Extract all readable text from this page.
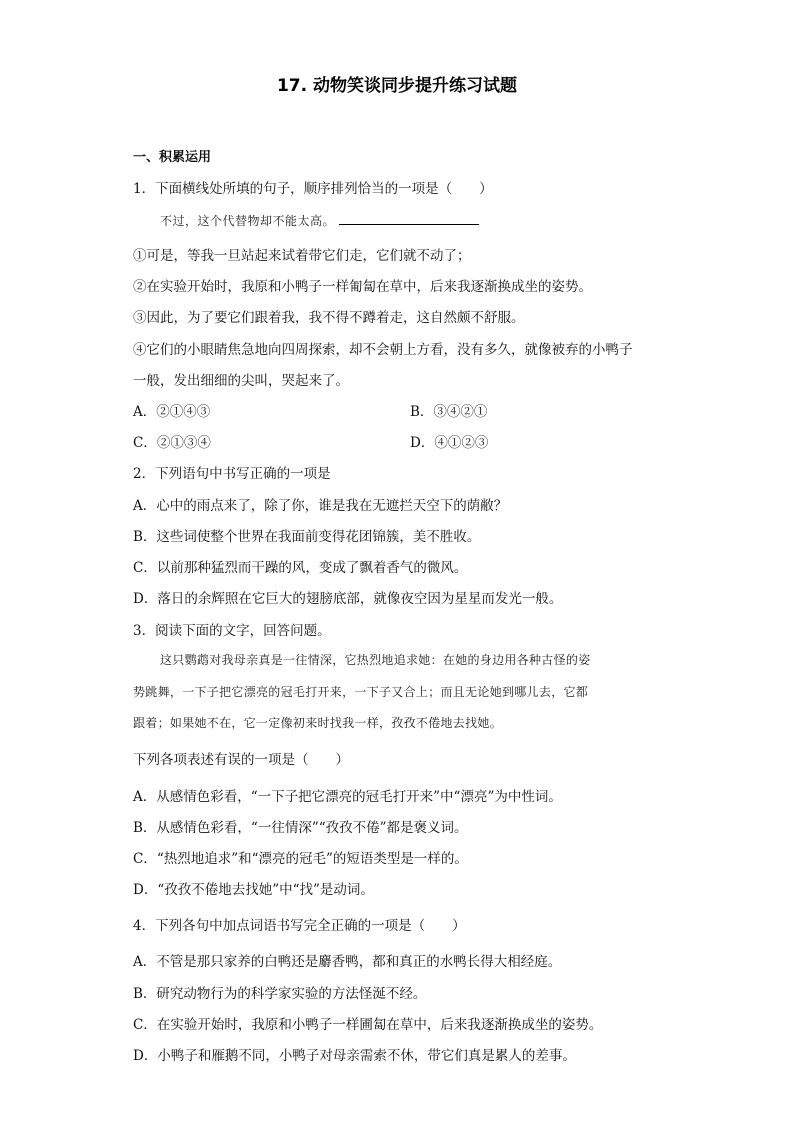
17. 动物笑谈同步提升练习试题
一、积累运用
1．下面横线处所填的句子，顺序排列恰当的一项是（　　）
不过，这个代替物却不能太高。
①可是，等我一旦站起来试着带它们走，它们就不动了；
②在实验开始时，我原和小鸭子一样匍匐在草中，后来我逐渐换成坐的姿势。
③因此，为了要它们跟着我，我不得不蹲着走，这自然颇不舒服。
④它们的小眼睛焦急地向四周探索，却不会朝上方看，没有多久，就像被弃的小鸭子
一般，发出细细的尖叫，哭起来了。
A．②①④③	B．③④②①
C．②①③④	D．④①②③
2．下列语句中书写正确的一项是
A．心中的雨点来了，除了你，谁是我在无遮拦天空下的荫敝？
B．这些词使整个世界在我面前变得花团锦簇，美不胜收。
C．以前那种猛烈而干躁的风，变成了飘着香气的微风。
D．落日的余辉照在它巨大的翅膀底部，就像夜空因为星星而发光一般。
3．阅读下面的文字，回答问题。
这只鹦鹉对我母亲真是一往情深，它热烈地追求她：在她的身边用各种古怪的姿
势跳舞，一下子把它漂亮的冠毛打开来，一下子又合上；而且无论她到哪儿去，它都
跟着；如果她不在，它一定像初来时找我一样，孜孜不倦地去找她。
下列各项表述有误的一项是（　　）
A．从感情色彩看，“一下子把它漂亮的冠毛打开来”中“漂亮”为中性词。
B．从感情色彩看，“一往情深”“孜孜不倦”都是褒义词。
C．“热烈地追求”和“漂亮的冠毛”的短语类型是一样的。
D．“孜孜不倦地去找她”中“找”是动词。
4．下列各句中加点词语书写完全正确的一项是（　　）
A．不管是那只家养的白鸭还是麝香鸭，都和真正的水鸭长得大相经庭。
B．研究动物行为的科学家实验的方法怪涎不经。
C．在实验开始时，我原和小鸭子一样圃匐在草中，后来我逐渐换成坐的姿势。
D．小鸭子和雁鹅不同，小鸭子对母亲需索不休，带它们真是累人的差事。
